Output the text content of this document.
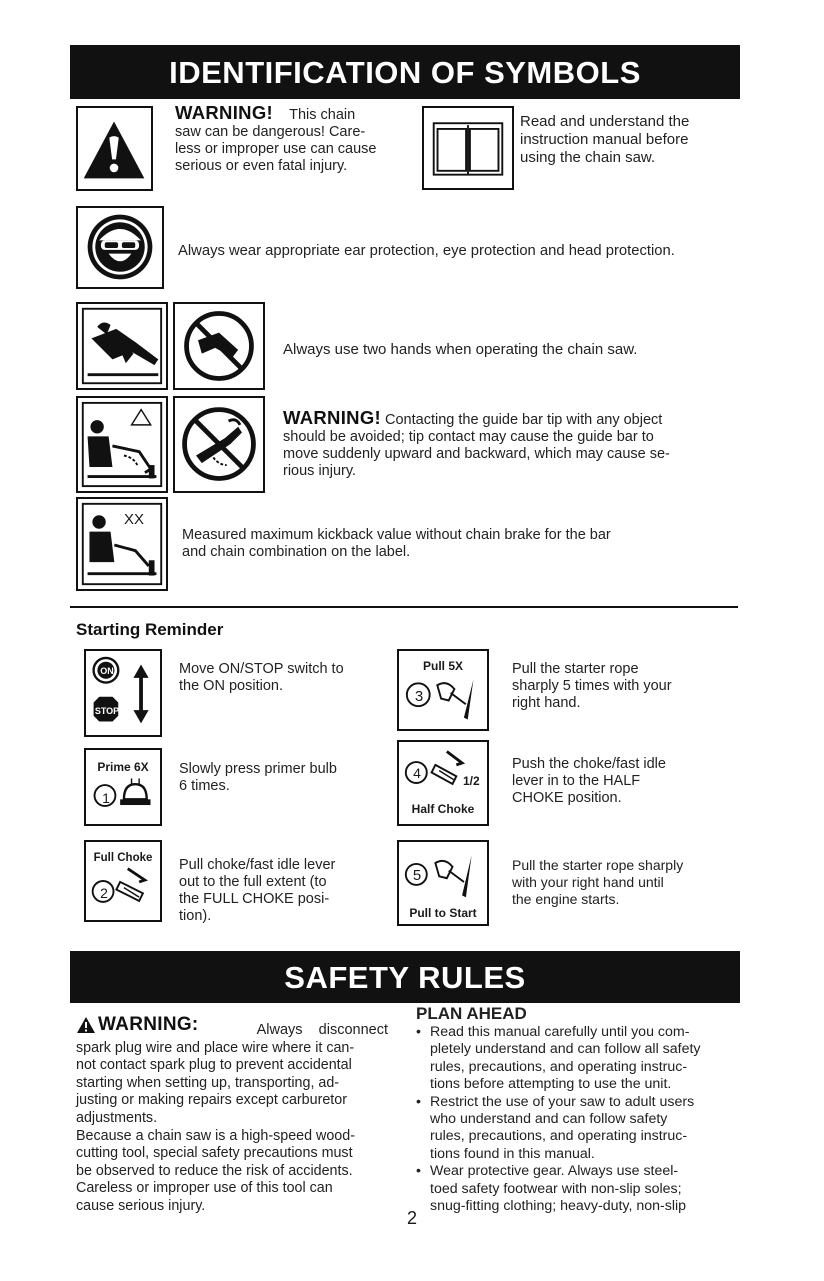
IDENTIFICATION OF SYMBOLS
WARNING! This chain
saw can be dangerous! Care-
less or improper use can cause
serious or even fatal injury.
Read and understand the
instruction manual before
using the chain saw.
Always wear appropriate ear protection, eye protection and head protection.
Always use two hands when operating the chain saw.
WARNING! Contacting the guide bar tip with any object
should be avoided; tip contact may cause the guide bar to
move suddenly upward and backward, which may cause se-
rious injury.
XX
Measured maximum kickback value without chain brake for the bar
and chain combination on the label.
Starting Reminder
ON
STOP
Move ON/STOP switch to
the ON position.
Pull 5X
3
Pull the starter rope
sharply 5 times with your
right hand.
Prime 6X
1
Slowly press primer bulb
6 times.
4	1/2
Half Choke
Push the choke/fast idle
lever in to the HALF
CHOKE position.
Full Choke
2
Pull choke/fast idle lever
out to the full extent (to
the FULL CHOKE posi-
tion).
5
Pull to Start
Pull the starter rope sharply
with your right hand until
the engine starts.
SAFETY RULES
WARNING:	Always    disconnect
spark plug wire and place wire where it can-
not contact spark plug to prevent accidental
starting when setting up, transporting, ad-
justing or making repairs except carburetor
adjustments.
Because a chain saw is a high-speed wood-
cutting tool, special safety precautions must
be observed to reduce the risk of accidents.
Careless or improper use of this tool can
cause serious injury.
PLAN AHEAD
• Read this manual carefully until you com-
pletely understand and can follow all safety
rules, precautions, and operating instruc-
tions before attempting to use the unit.
• Restrict the use of your saw to adult users
who understand and can follow safety
rules, precautions, and operating instruc-
tions found in this manual.
• Wear protective gear. Always use steel-
toed safety footwear with non-slip soles;
snug-fitting clothing; heavy-duty, non-slip
2
